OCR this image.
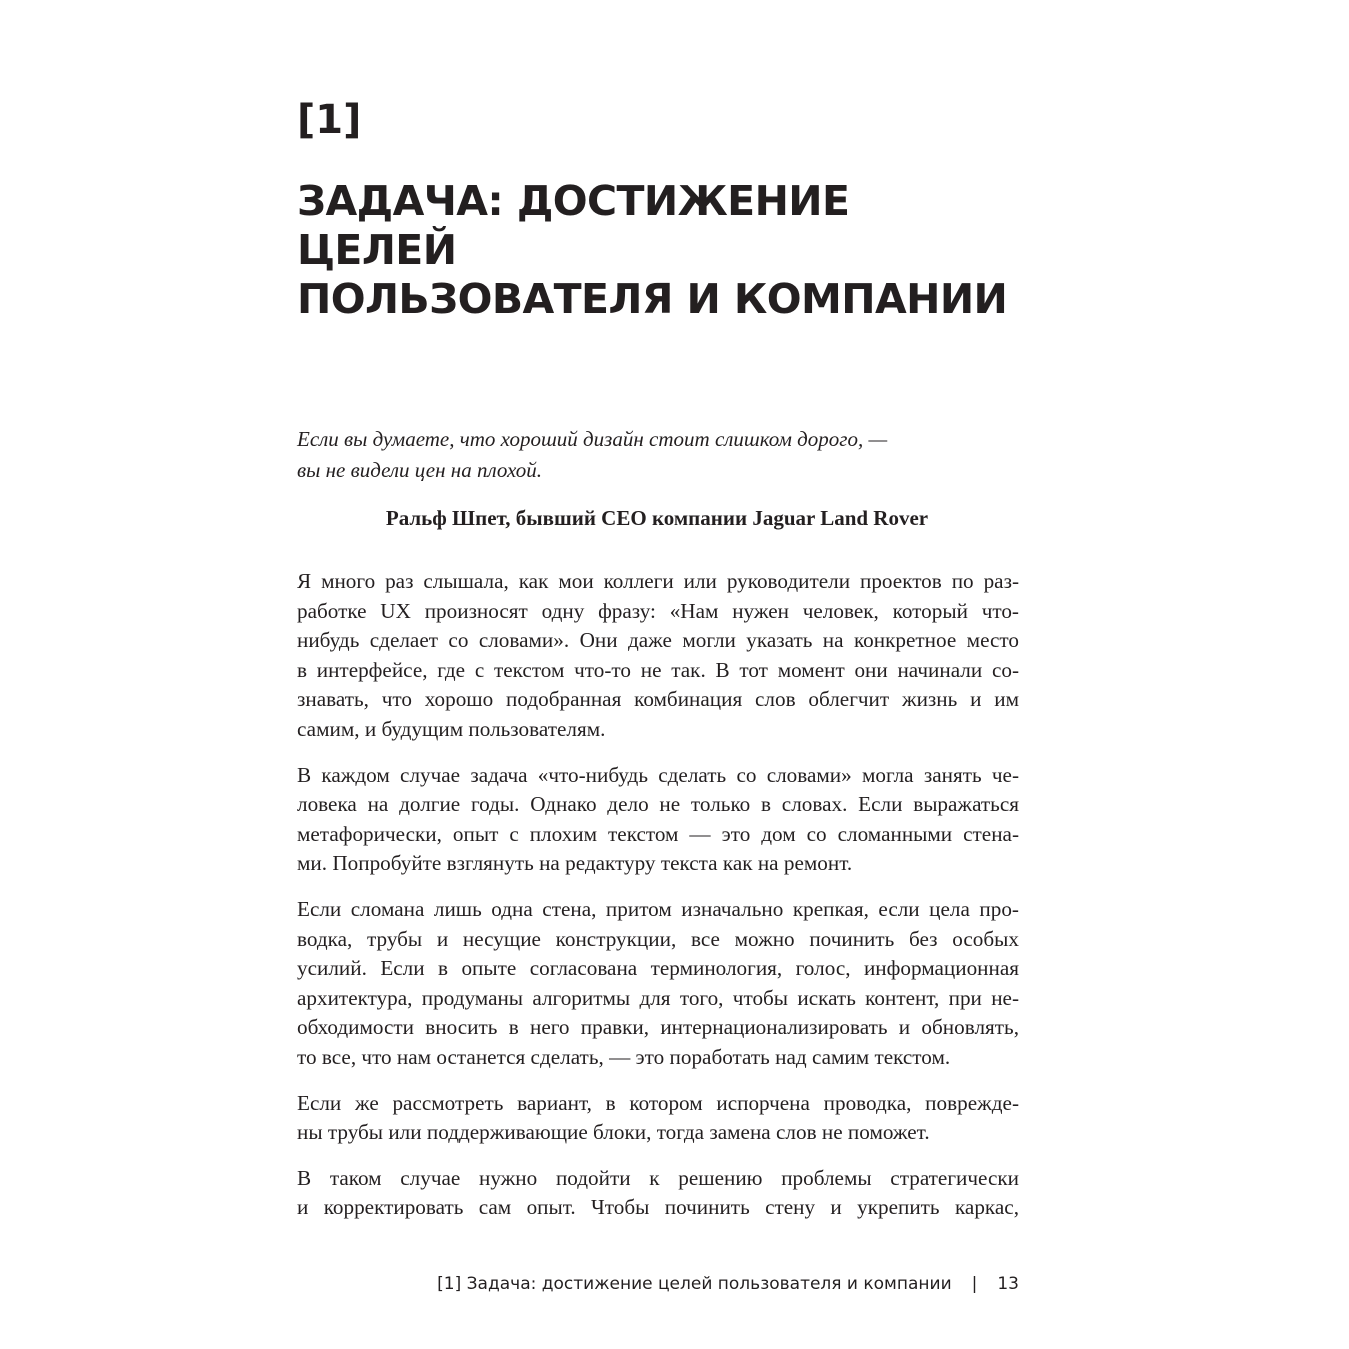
[1]
ЗАДАЧА: ДОСТИЖЕНИЕ ЦЕЛЕЙ
ПОЛЬЗОВАТЕЛЯ И КОМПАНИИ
Если вы думаете, что хороший дизайн стоит слишком дорого, —
вы не видели цен на плохой.
Ральф Шпет, бывший CEO компании Jaguar Land Rover

Я много раз слышала, как мои коллеги или руководители проектов по раз-
работке UX произносят одну фразу: «Нам нужен человек, который что-
нибудь сделает со словами». Они даже могли указать на конкретное место
в интерфейсе, где с текстом что-то не так. В тот момент они начинали со-
знавать, что хорошо подобранная комбинация слов облегчит жизнь и им
самим, и будущим пользователям.

В каждом случае задача «что-нибудь сделать со словами» могла занять че-
ловека на долгие годы. Однако дело не только в словах. Если выражаться
метафорически, опыт с плохим текстом — это дом со сломанными стена-
ми. Попробуйте взглянуть на редактуру текста как на ремонт.

Если сломана лишь одна стена, притом изначально крепкая, если цела про-
водка, трубы и несущие конструкции, все можно починить без особых
усилий. Если в опыте согласована терминология, голос, информационная
архитектура, продуманы алгоритмы для того, чтобы искать контент, при не-
обходимости вносить в него правки, интернационализировать и обновлять,
то все, что нам останется сделать, — это поработать над самим текстом.

Если же рассмотреть вариант, в котором испорчена проводка, поврежде-
ны трубы или поддерживающие блоки, тогда замена слов не поможет.

В таком случае нужно подойти к решению проблемы стратегически
и корректировать сам опыт. Чтобы починить стену и укрепить каркас,

[1] Задача: достижение целей пользователя и компании | 13
